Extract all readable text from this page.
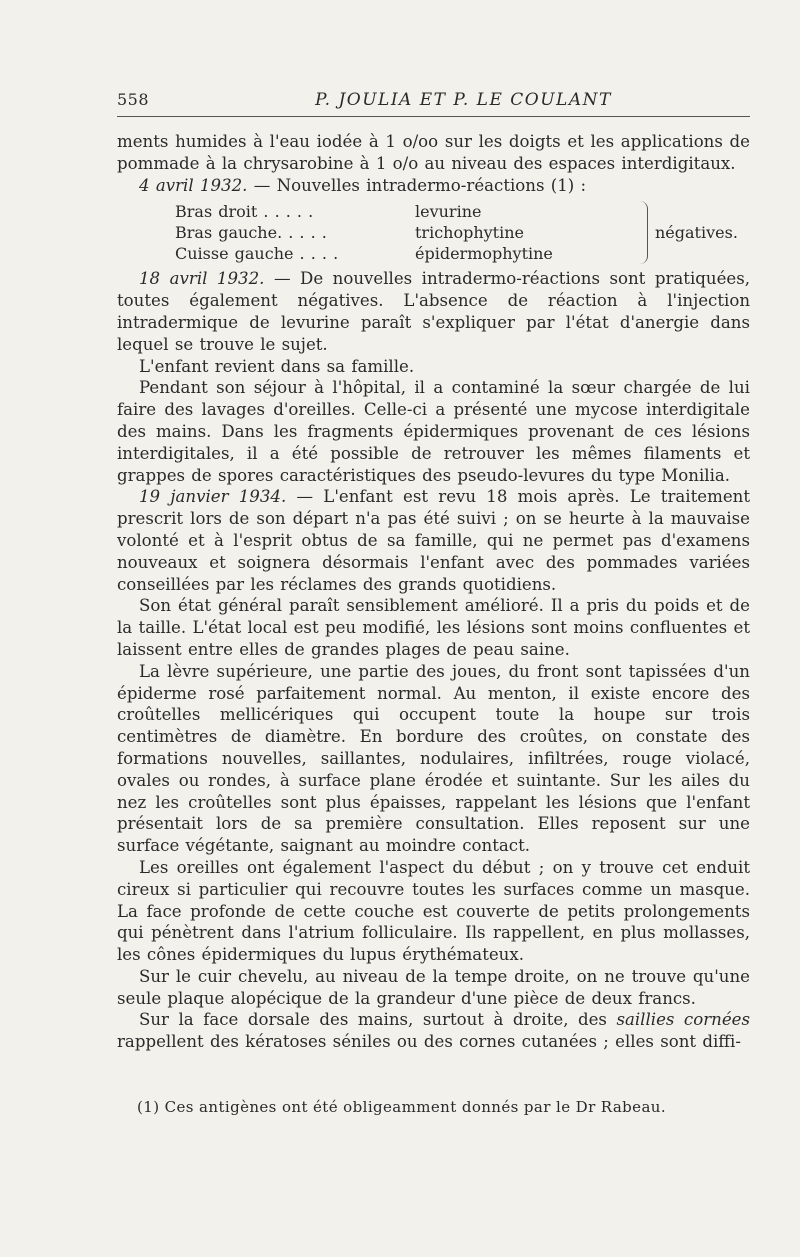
558	P. JOULIA ET P. LE COULANT

ments humides à l'eau iodée à 1 o/oo sur les doigts et les applications de pommade à la chrysarobine à 1 o/o au niveau des espaces interdigitaux.

4 avril 1932. — Nouvelles intradermo-réactions (1) :

Bras droit . . . . .	levurine
Bras gauche. . . . .	trichophytine
Cuisse gauche . . . .	épidermophytine
négatives.

18 avril 1932. — De nouvelles intradermo-réactions sont pratiquées, toutes également négatives. L'absence de réaction à l'injection intradermique de levurine paraît s'expliquer par l'état d'anergie dans lequel se trouve le sujet.

L'enfant revient dans sa famille.

Pendant son séjour à l'hôpital, il a contaminé la sœur chargée de lui faire des lavages d'oreilles. Celle-ci a présenté une mycose interdigitale des mains. Dans les fragments épidermiques provenant de ces lésions interdigitales, il a été possible de retrouver les mêmes filaments et grappes de spores caractéristiques des pseudo-levures du type Monilia.

19 janvier 1934. — L'enfant est revu 18 mois après. Le traitement prescrit lors de son départ n'a pas été suivi ; on se heurte à la mauvaise volonté et à l'esprit obtus de sa famille, qui ne permet pas d'examens nouveaux et soignera désormais l'enfant avec des pommades variées conseillées par les réclames des grands quotidiens.

Son état général paraît sensiblement amélioré. Il a pris du poids et de la taille. L'état local est peu modifié, les lésions sont moins confluentes et laissent entre elles de grandes plages de peau saine.

La lèvre supérieure, une partie des joues, du front sont tapissées d'un épiderme rosé parfaitement normal. Au menton, il existe encore des croûtelles mellicériques qui occupent toute la houpe sur trois centimètres de diamètre. En bordure des croûtes, on constate des formations nouvelles, saillantes, nodulaires, infiltrées, rouge violacé, ovales ou rondes, à surface plane érodée et suintante. Sur les ailes du nez les croûtelles sont plus épaisses, rappelant les lésions que l'enfant présentait lors de sa première consultation. Elles reposent sur une surface végétante, saignant au moindre contact.

Les oreilles ont également l'aspect du début ; on y trouve cet enduit cireux si particulier qui recouvre toutes les surfaces comme un masque. La face profonde de cette couche est couverte de petits prolongements qui pénètrent dans l'atrium folliculaire. Ils rappellent, en plus mollasses, les cônes épidermiques du lupus érythémateux.

Sur le cuir chevelu, au niveau de la tempe droite, on ne trouve qu'une seule plaque alopécique de la grandeur d'une pièce de deux francs.

Sur la face dorsale des mains, surtout à droite, des saillies cornées rappellent des kératoses séniles ou des cornes cutanées ; elles sont diffi-

(1) Ces antigènes ont été obligeamment donnés par le Dr Rabeau.
